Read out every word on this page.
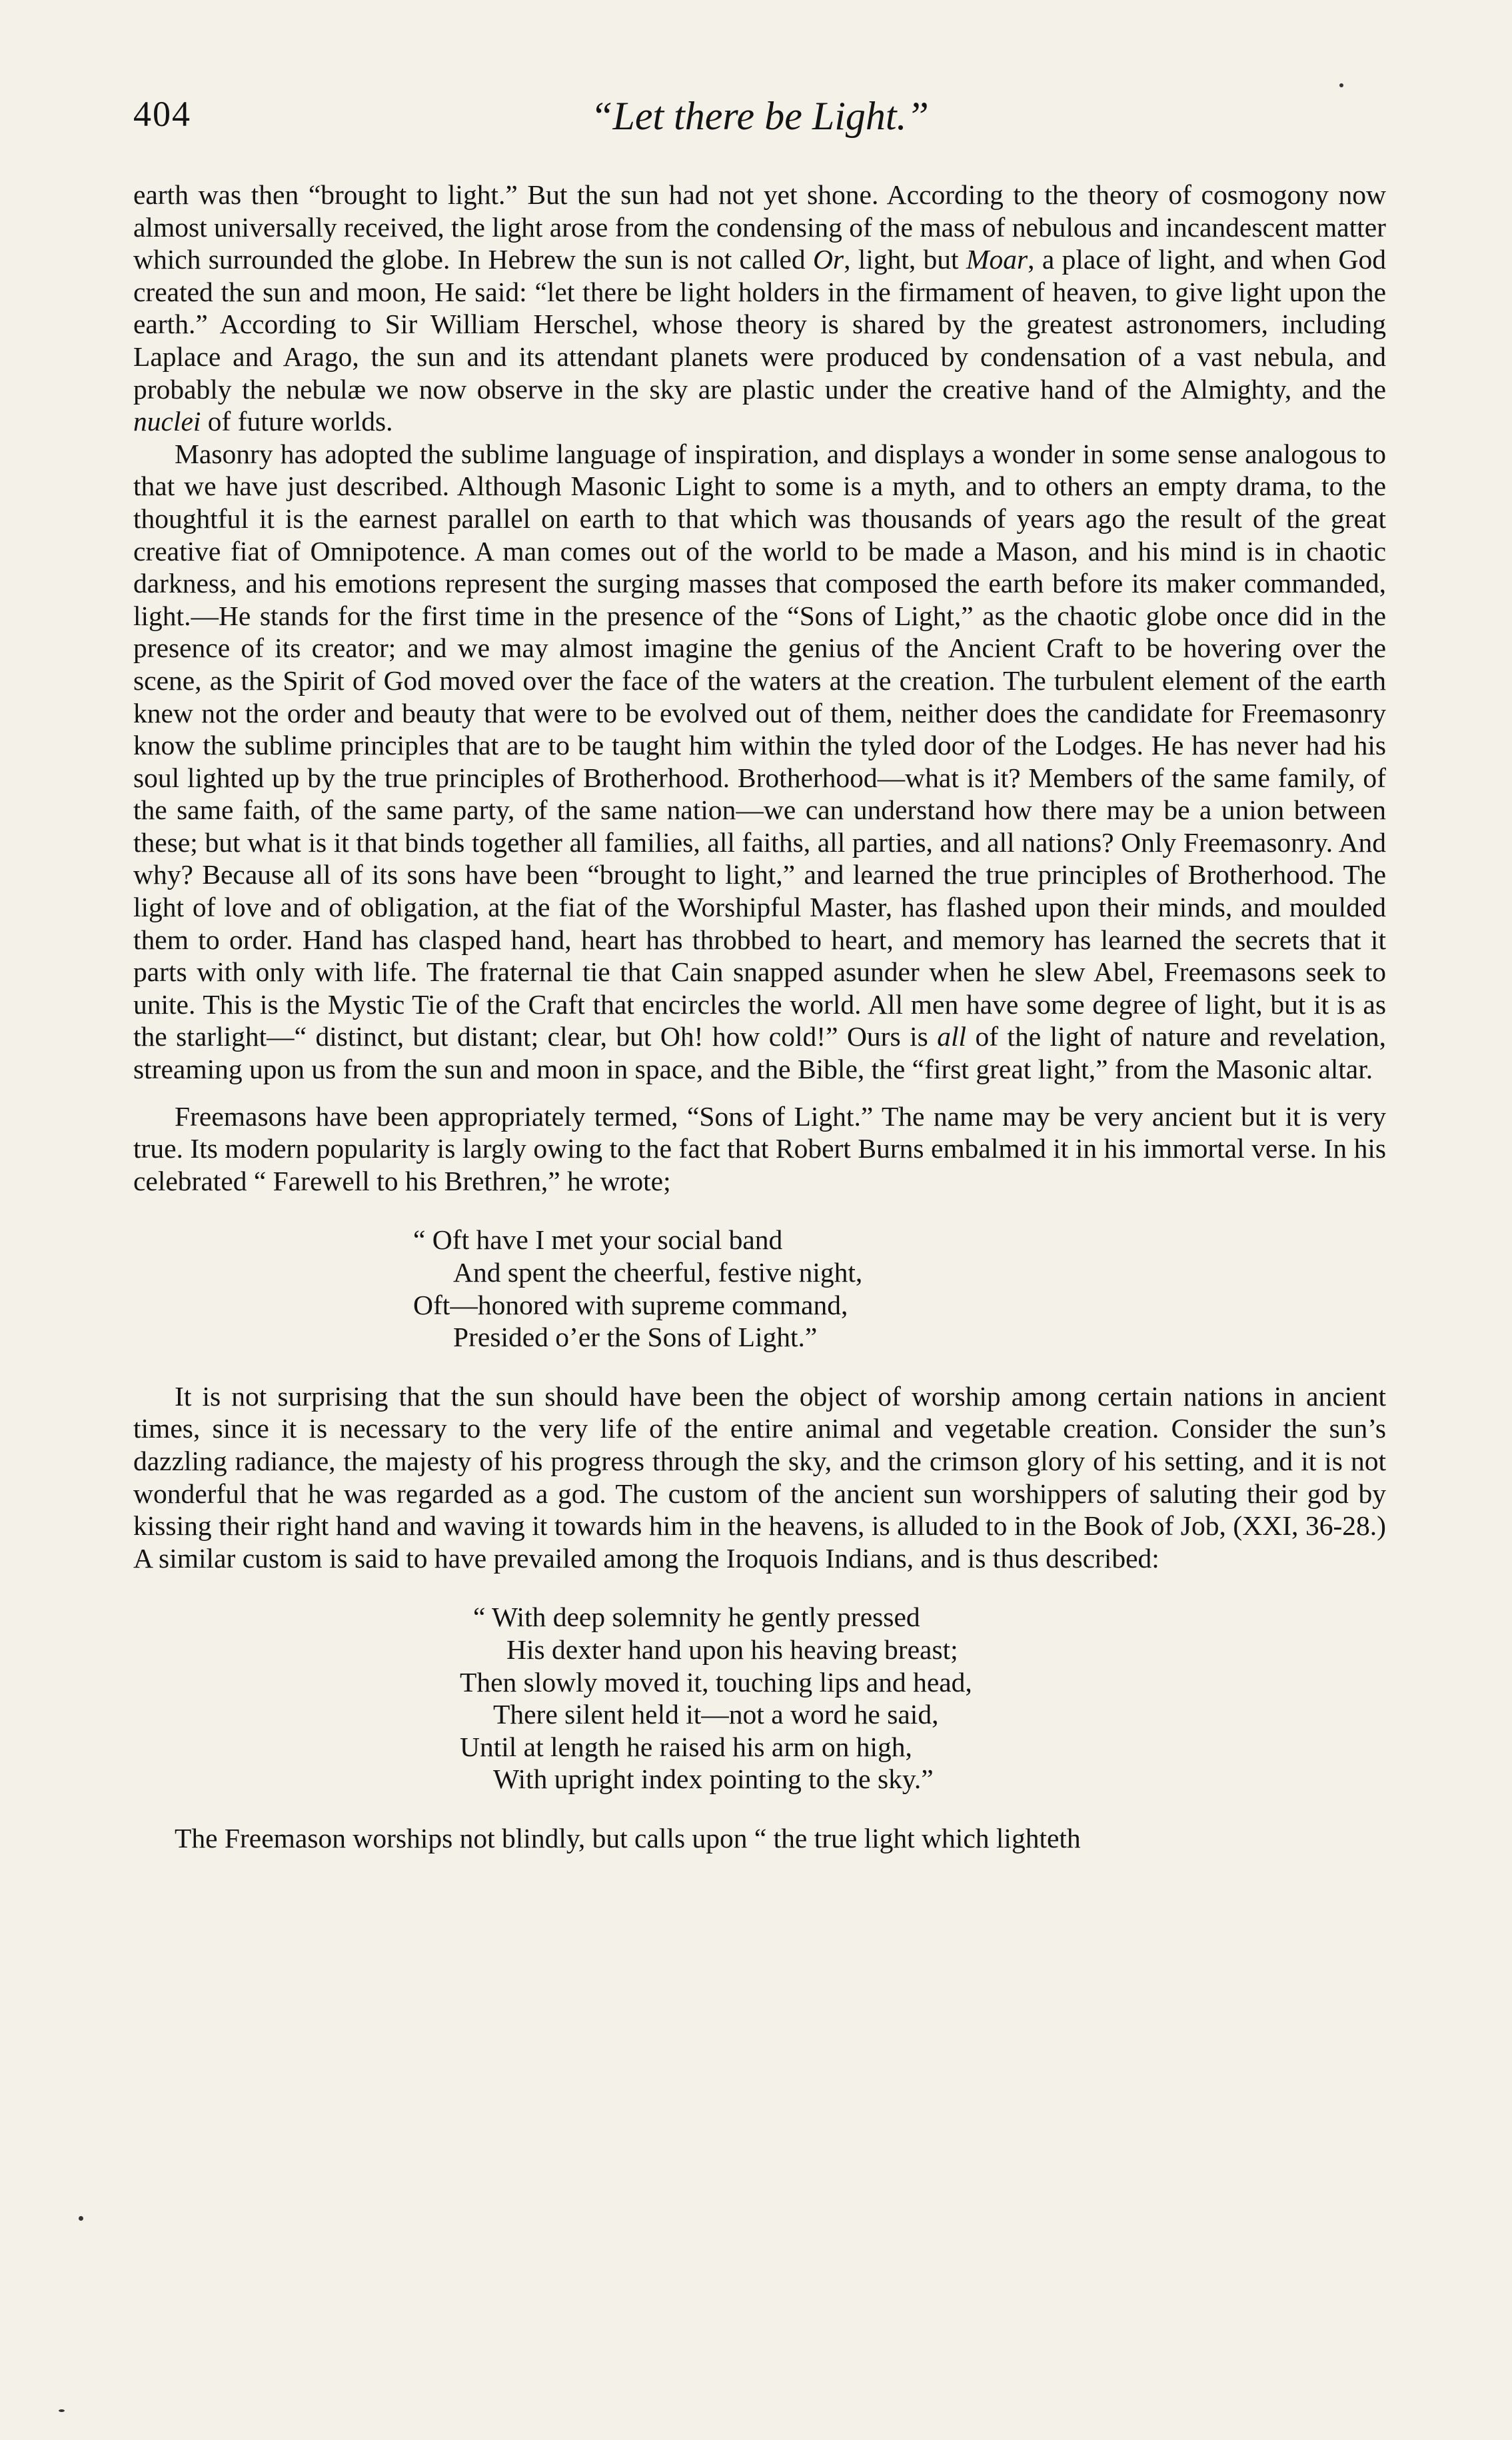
404	“Let there be Light.”

earth was then “brought to light.” But the sun had not yet shone. According to the theory of cosmogony now almost universally received, the light arose from the condensing of the mass of nebulous and incandescent matter which surrounded the globe. In Hebrew the sun is not called Or, light, but Moar, a place of light, and when God created the sun and moon, He said: “let there be light holders in the firmament of heaven, to give light upon the earth.” According to Sir William Herschel, whose theory is shared by the greatest astronomers, including Laplace and Arago, the sun and its attendant planets were produced by condensation of a vast nebula, and probably the nebulæ we now observe in the sky are plastic under the creative hand of the Almighty, and the nuclei of future worlds.

Masonry has adopted the sublime language of inspiration, and displays a wonder in some sense analogous to that we have just described. Although Masonic Light to some is a myth, and to others an empty drama, to the thoughtful it is the earnest parallel on earth to that which was thousands of years ago the result of the great creative fiat of Omnipotence. A man comes out of the world to be made a Mason, and his mind is in chaotic darkness, and his emotions represent the surging masses that composed the earth before its maker commanded, light.—He stands for the first time in the presence of the “Sons of Light,” as the chaotic globe once did in the presence of its creator; and we may almost imagine the genius of the Ancient Craft to be hovering over the scene, as the Spirit of God moved over the face of the waters at the creation. The turbulent element of the earth knew not the order and beauty that were to be evolved out of them, neither does the candidate for Freemasonry know the sublime principles that are to be taught him within the tyled door of the Lodges. He has never had his soul lighted up by the true principles of Brotherhood. Brotherhood—what is it? Members of the same family, of the same faith, of the same party, of the same nation—we can understand how there may be a union between these; but what is it that binds together all families, all faiths, all parties, and all nations? Only Freemasonry. And why? Because all of its sons have been “brought to light,” and learned the true principles of Brotherhood. The light of love and of obligation, at the fiat of the Worshipful Master, has flashed upon their minds, and moulded them to order. Hand has clasped hand, heart has throbbed to heart, and memory has learned the secrets that it parts with only with life. The fraternal tie that Cain snapped asunder when he slew Abel, Freemasons seek to unite. This is the Mystic Tie of the Craft that encircles the world. All men have some degree of light, but it is as the starlight—“ distinct, but distant; clear, but Oh! how cold!” Ours is all of the light of nature and revelation, streaming upon us from the sun and moon in space, and the Bible, the “first great light,” from the Masonic altar.

Freemasons have been appropriately termed, “Sons of Light.” The name may be very ancient but it is very true. Its modern popularity is largly owing to the fact that Robert Burns embalmed it in his immortal verse. In his celebrated “ Farewell to his Brethren,” he wrote;

“ Oft have I met your social band
And spent the cheerful, festive night,
Oft—honored with supreme command,
Presided o’er the Sons of Light.”

It is not surprising that the sun should have been the object of worship among certain nations in ancient times, since it is necessary to the very life of the entire animal and vegetable creation. Consider the sun’s dazzling radiance, the majesty of his progress through the sky, and the crimson glory of his setting, and it is not wonderful that he was regarded as a god. The custom of the ancient sun worshippers of saluting their god by kissing their right hand and waving it towards him in the heavens, is alluded to in the Book of Job, (XXI, 36-28.) A similar custom is said to have prevailed among the Iroquois Indians, and is thus described:

“ With deep solemnity he gently pressed
His dexter hand upon his heaving breast;
Then slowly moved it, touching lips and head,
There silent held it—not a word he said,
Until at length he raised his arm on high,
With upright index pointing to the sky.”

The Freemason worships not blindly, but calls upon “ the true light which lighteth
